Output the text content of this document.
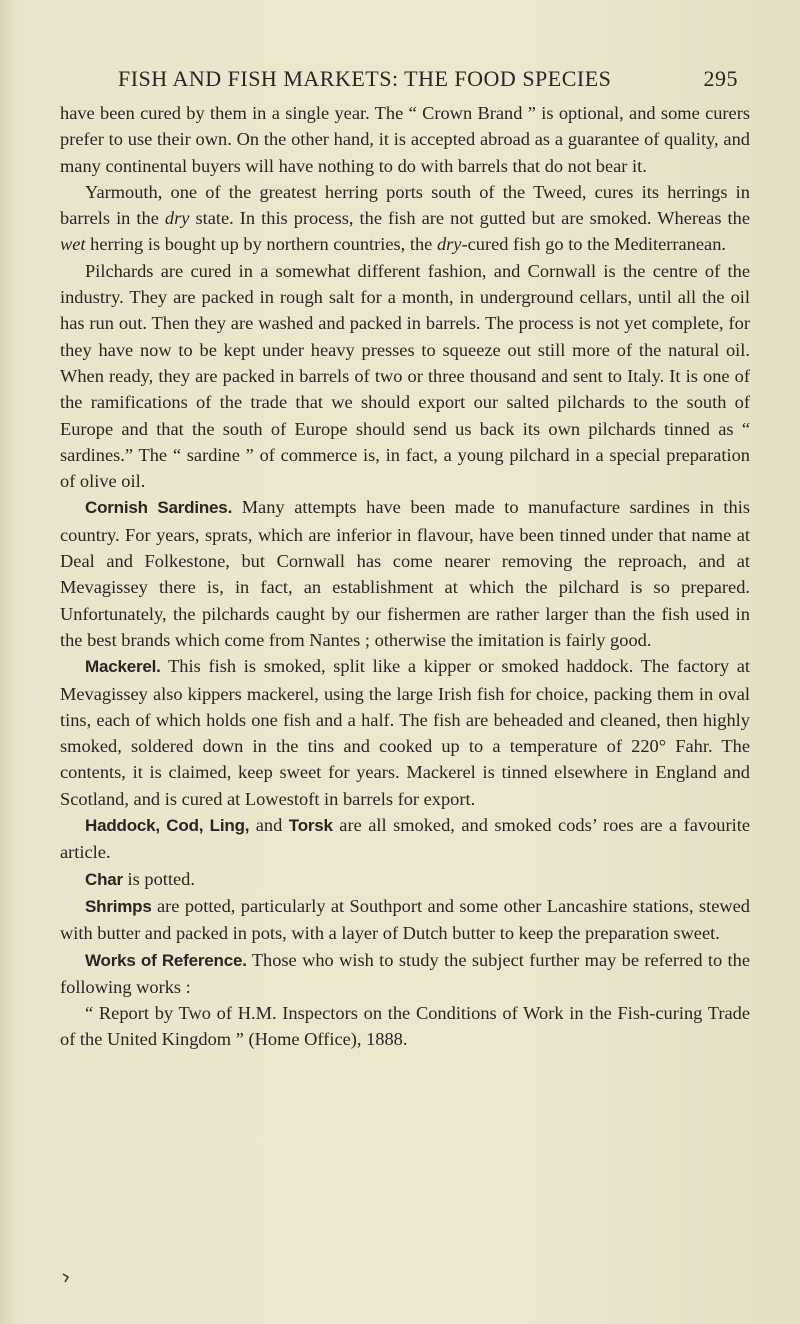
FISH AND FISH MARKETS: THE FOOD SPECIES	295

have been cured by them in a single year. The “ Crown Brand ” is optional, and some curers prefer to use their own. On the other hand, it is accepted abroad as a guarantee of quality, and many continental buyers will have nothing to do with barrels that do not bear it.

Yarmouth, one of the greatest herring ports south of the Tweed, cures its herrings in barrels in the dry state. In this process, the fish are not gutted but are smoked. Whereas the wet herring is bought up by northern countries, the dry-cured fish go to the Mediterranean.

Pilchards are cured in a somewhat different fashion, and Cornwall is the centre of the industry. They are packed in rough salt for a month, in underground cellars, until all the oil has run out. Then they are washed and packed in barrels. The process is not yet complete, for they have now to be kept under heavy presses to squeeze out still more of the natural oil. When ready, they are packed in barrels of two or three thousand and sent to Italy. It is one of the ramifications of the trade that we should export our salted pilchards to the south of Europe and that the south of Europe should send us back its own pilchards tinned as “ sardines.” The “ sardine ” of commerce is, in fact, a young pilchard in a special preparation of olive oil.

Cornish Sardines. Many attempts have been made to manufacture sardines in this country. For years, sprats, which are inferior in flavour, have been tinned under that name at Deal and Folkestone, but Cornwall has come nearer removing the reproach, and at Mevagissey there is, in fact, an establishment at which the pilchard is so prepared. Unfortunately, the pilchards caught by our fishermen are rather larger than the fish used in the best brands which come from Nantes ; otherwise the imitation is fairly good.

Mackerel. This fish is smoked, split like a kipper or smoked haddock. The factory at Mevagissey also kippers mackerel, using the large Irish fish for choice, packing them in oval tins, each of which holds one fish and a half. The fish are beheaded and cleaned, then highly smoked, soldered down in the tins and cooked up to a temperature of 220° Fahr. The contents, it is claimed, keep sweet for years. Mackerel is tinned elsewhere in England and Scotland, and is cured at Lowestoft in barrels for export.

Haddock, Cod, Ling, and Torsk are all smoked, and smoked cods’ roes are a favourite article.

Char is potted.

Shrimps are potted, particularly at Southport and some other Lancashire stations, stewed with butter and packed in pots, with a layer of Dutch butter to keep the preparation sweet.

Works of Reference. Those who wish to study the subject further may be referred to the following works :

“ Report by Two of H.M. Inspectors on the Conditions of Work in the Fish-curing Trade of the United Kingdom ” (Home Office), 1888.
